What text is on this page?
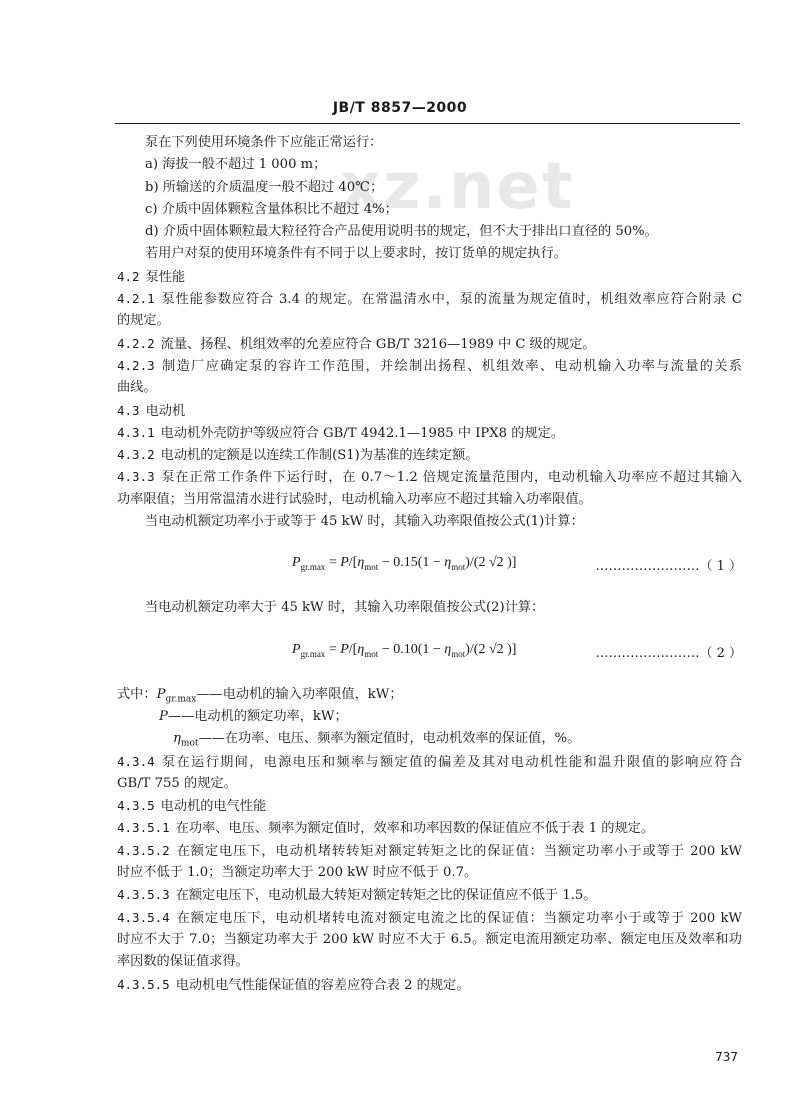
JB/T 8857—2000
xz.net
泵在下列使用环境条件下应能正常运行：
a) 海拔一般不超过 1 000 m；
b) 所输送的介质温度一般不超过 40℃；
c) 介质中固体颗粒含量体积比不超过 4%；
d) 介质中固体颗粒最大粒径符合产品使用说明书的规定，但不大于排出口直径的 50%。
若用户对泵的使用环境条件有不同于以上要求时，按订货单的规定执行。
4.2 泵性能
4.2.1 泵性能参数应符合 3.4 的规定。在常温清水中，泵的流量为规定值时，机组效率应符合附录 C
的规定。
4.2.2 流量、扬程、机组效率的允差应符合 GB/T 3216—1989 中 C 级的规定。
4.2.3 制造厂应确定泵的容许工作范围，并绘制出扬程、机组效率、电动机输入功率与流量的关系
曲线。
4.3 电动机
4.3.1 电动机外壳防护等级应符合 GB/T 4942.1—1985 中 IPX8 的规定。
4.3.2 电动机的定额是以连续工作制(S1)为基准的连续定额。
4.3.3 泵在正常工作条件下运行时，在 0.7～1.2 倍规定流量范围内，电动机输入功率应不超过其输入
功率限值；当用常温清水进行试验时，电动机输入功率应不超过其输入功率限值。
当电动机额定功率小于或等于 45 kW 时，其输入功率限值按公式(1)计算：
$P_{gr.max} = P/[\eta_{mot} - 0.15(1 - \eta_{mot})/(2$ √2 )]	……………………（ 1 ）
当电动机额定功率大于 45 kW 时，其输入功率限值按公式(2)计算：
$P_{gr.max} = P/[\eta_{mot} - 0.10(1 - \eta_{mot})/(2$ √2 )]	……………………（ 2 ）
式中：$P_{gr.max}——$电动机的输入功率限值，kW；
P——电动机的额定功率，kW；
$\eta_{mot}——$在功率、电压、频率为额定值时，电动机效率的保证值，%。
4.3.4 泵在运行期间，电源电压和频率与额定值的偏差及其对电动机性能和温升限值的影响应符合
GB/T 755 的规定。
4.3.5 电动机的电气性能
4.3.5.1 在功率、电压、频率为额定值时，效率和功率因数的保证值应不低于表 1 的规定。
4.3.5.2 在额定电压下，电动机堵转转矩对额定转矩之比的保证值：当额定功率小于或等于 200 kW
时应不低于 1.0；当额定功率大于 200 kW 时应不低于 0.7。
4.3.5.3 在额定电压下，电动机最大转矩对额定转矩之比的保证值应不低于 1.5。
4.3.5.4 在额定电压下，电动机堵转电流对额定电流之比的保证值：当额定功率小于或等于 200 kW
时应不大于 7.0；当额定功率大于 200 kW 时应不大于 6.5。额定电流用额定功率、额定电压及效率和功
率因数的保证值求得。
4.3.5.5 电动机电气性能保证值的容差应符合表 2 的规定。
737
